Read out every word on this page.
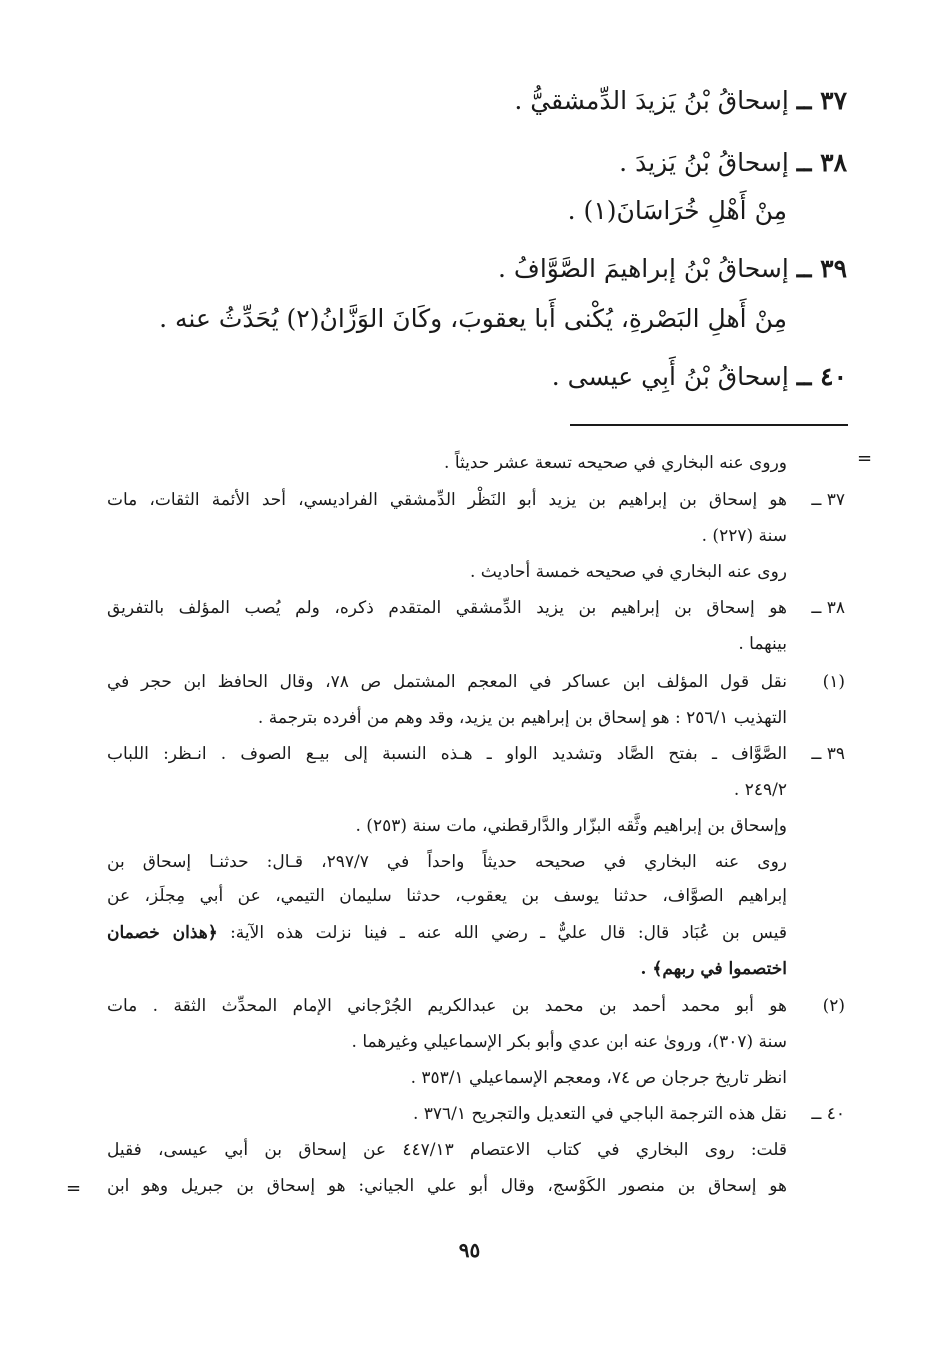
٣٧ ــ إسحاقُ بْنُ يَزيدَ الدِّمشقيُّ .
٣٨ ــ إسحاقُ بْنُ يَزيدَ .
مِنْ أَهْلِ خُرَاسَانَ(١) .
٣٩ ــ إسحاقُ بْنُ إبراهيمَ الصَّوَّافُ .
مِنْ أَهلِ البَصْرةِ، يُكْنى أَبا يعقوبَ، وكَانَ الوَزَّانُ(٢) يُحَدِّثُ عنه .
٤٠ ــ إسحاقُ بْنُ أَبِي عيسى .
=
وروى عنه البخاري في صحيحه تسعة عشر حديثاً .
٣٧ ــ
هو إسحاق بن إبراهيم بن يزيد أبو النَظْر الدِّمشقي الفراديسي، أحد الأئمة الثقات، مات
سنة (٢٢٧) .
روى عنه البخاري في صحيحه خمسة أحاديث .
٣٨ ــ
هو إسحاق بن إبراهيم بن يزيد الدِّمشقي المتقدم ذكره، ولم يُصب المؤلف بالتفريق
بينهما .
(١)
نقل قول المؤلف ابن عساكر في المعجم المشتمل ص ٧٨، وقال الحافظ ابن حجر في
التهذيب ٢٥٦/١ : هو إسحاق بن إبراهيم بن يزيد، وقد وهم من أفرده بترجمة .
٣٩ ــ
الصَّوَّاف ـ بفتح الصَّاد وتشديد الواو ـ هـذه النسبة إلى بيـع الصوف . انـظر: اللباب
٢٤٩/٢ .
وإسحاق بن إبراهيم وثَّقه البزّار والدَّارقطني، مات سنة (٢٥٣) .
روى عنه البخاري في صحيحه حديثاً واحداً في ٢٩٧/٧، قـال: حدثنـا إسحاق بن
إبراهيم الصوَّاف، حدثنا يوسف بن يعقوب، حدثنا سليمان التيمي، عن أبي مِجلَز، عن
قيس بن عُبَاد قال: قال عليٌّ ـ رضي الله عنه ـ فينا نزلت هذه الآية: ﴿هذان خصمان
اختصموا في ربهم﴾ .
(٢)
هو أبو محمد أحمد بن محمد بن عبدالكريم الجُرْجاني الإمام المحدِّث الثقة . مات
سنة (٣٠٧)، وروىٰ عنه ابن عدي وأبو بكر الإسماعيلي وغيرهما .
انظر تاريخ جرجان ص ٧٤، ومعجم الإسماعيلي ٣٥٣/١ .
٤٠ ــ
نقل هذه الترجمة الباجي في التعديل والتجريح ٣٧٦/١ .
قلت: روى البخاري في كتاب الاعتصام ٤٤٧/١٣ عن إسحاق بن أبي عيسى، فقيل
هو إسحاق بن منصور الكَوْسج، وقال أبو علي الجياني: هو إسحاق بن جبريل وهو ابن
=
٩٥
